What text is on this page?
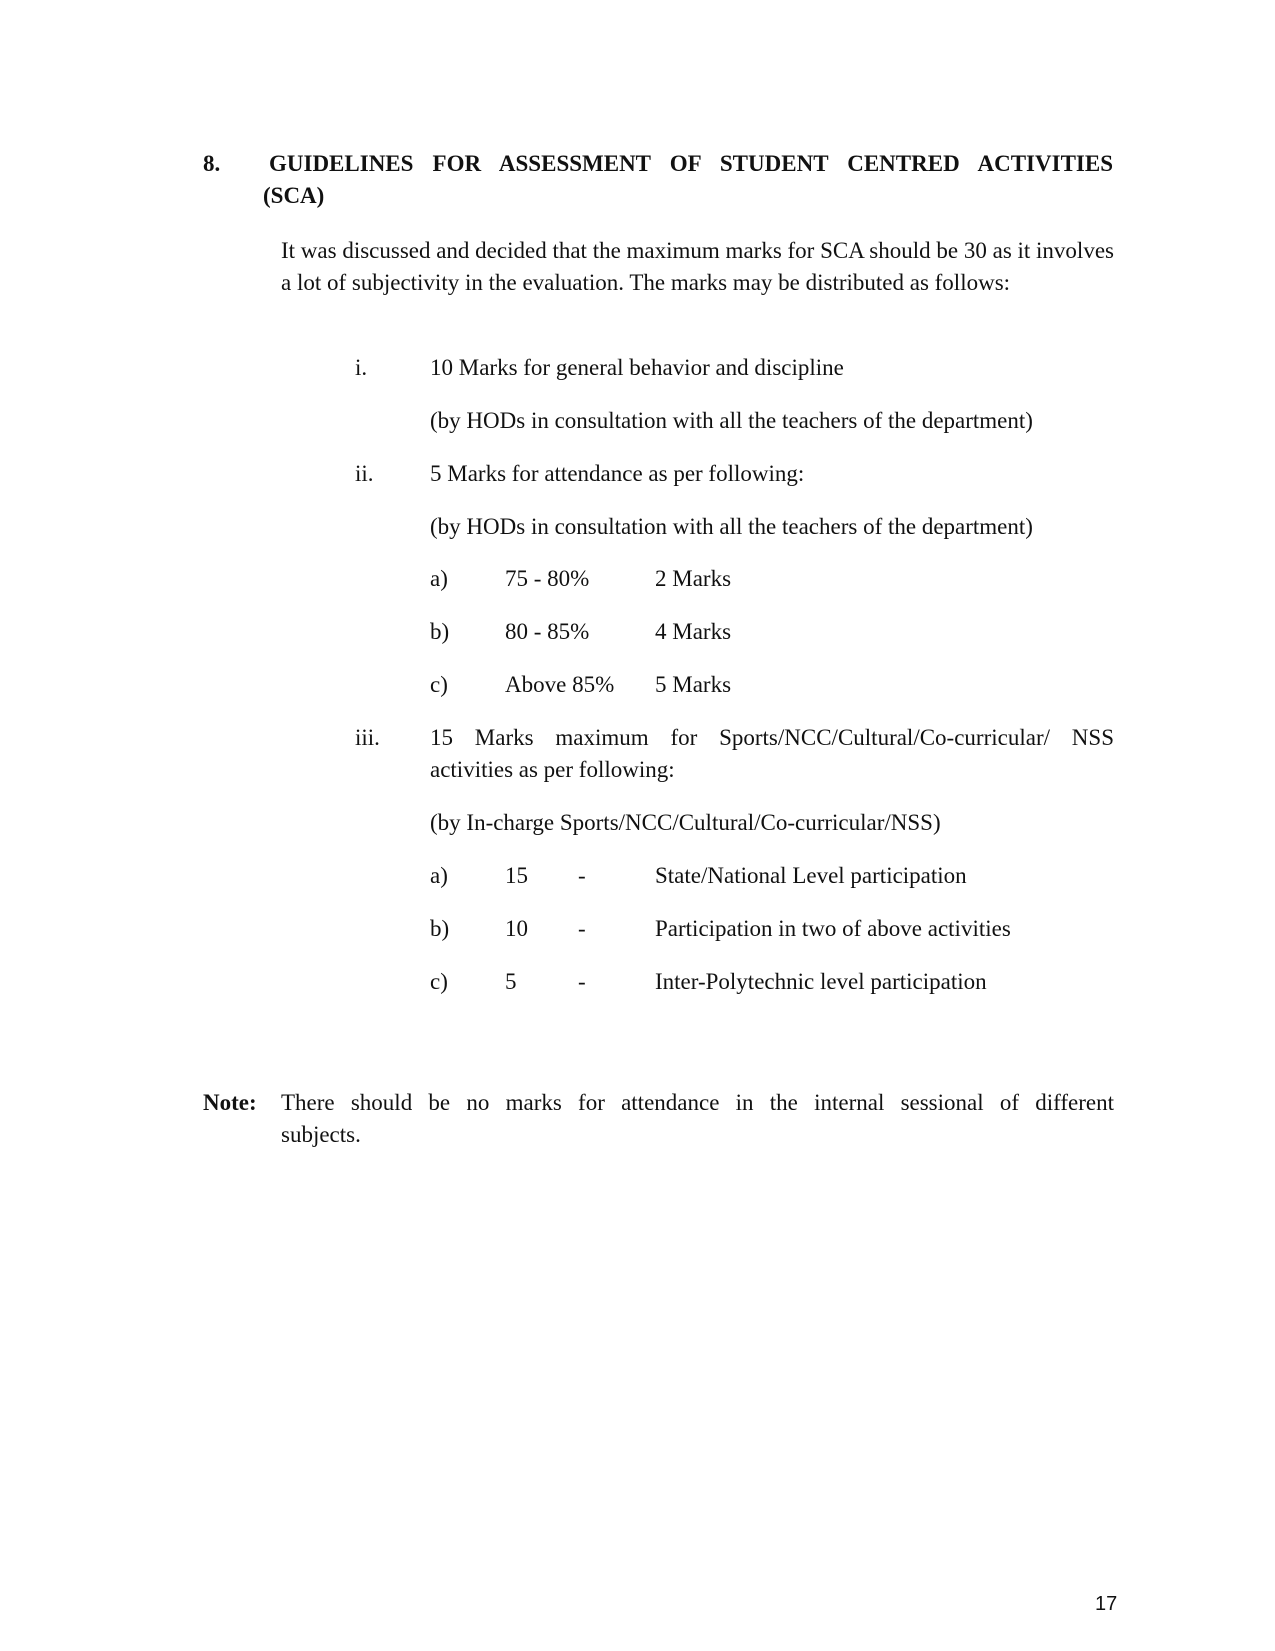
8. GUIDELINES FOR ASSESSMENT OF STUDENT CENTRED ACTIVITIES
(SCA)
It was discussed and decided that the maximum marks for SCA should be 30 as it involves a lot of subjectivity in the evaluation. The marks may be distributed as follows:
i.	10 Marks for general behavior and discipline
(by HODs in consultation with all the teachers of the department)
ii.	5 Marks for attendance as per following:
(by HODs in consultation with all the teachers of the department)
a) 75 - 80%	2 Marks
b) 80 - 85%	4 Marks
c) Above 85% 5 Marks
iii.	15 Marks maximum for Sports/NCC/Cultural/Co-curricular/ NSS
activities as per following:
(by In-charge Sports/NCC/Cultural/Co-curricular/NSS)
a) 15 -	State/National Level participation
b) 10 -	Participation in two of above activities
c) 5	-	Inter-Polytechnic level participation
Note: There should be no marks for attendance in the internal sessional of different
subjects.
17
